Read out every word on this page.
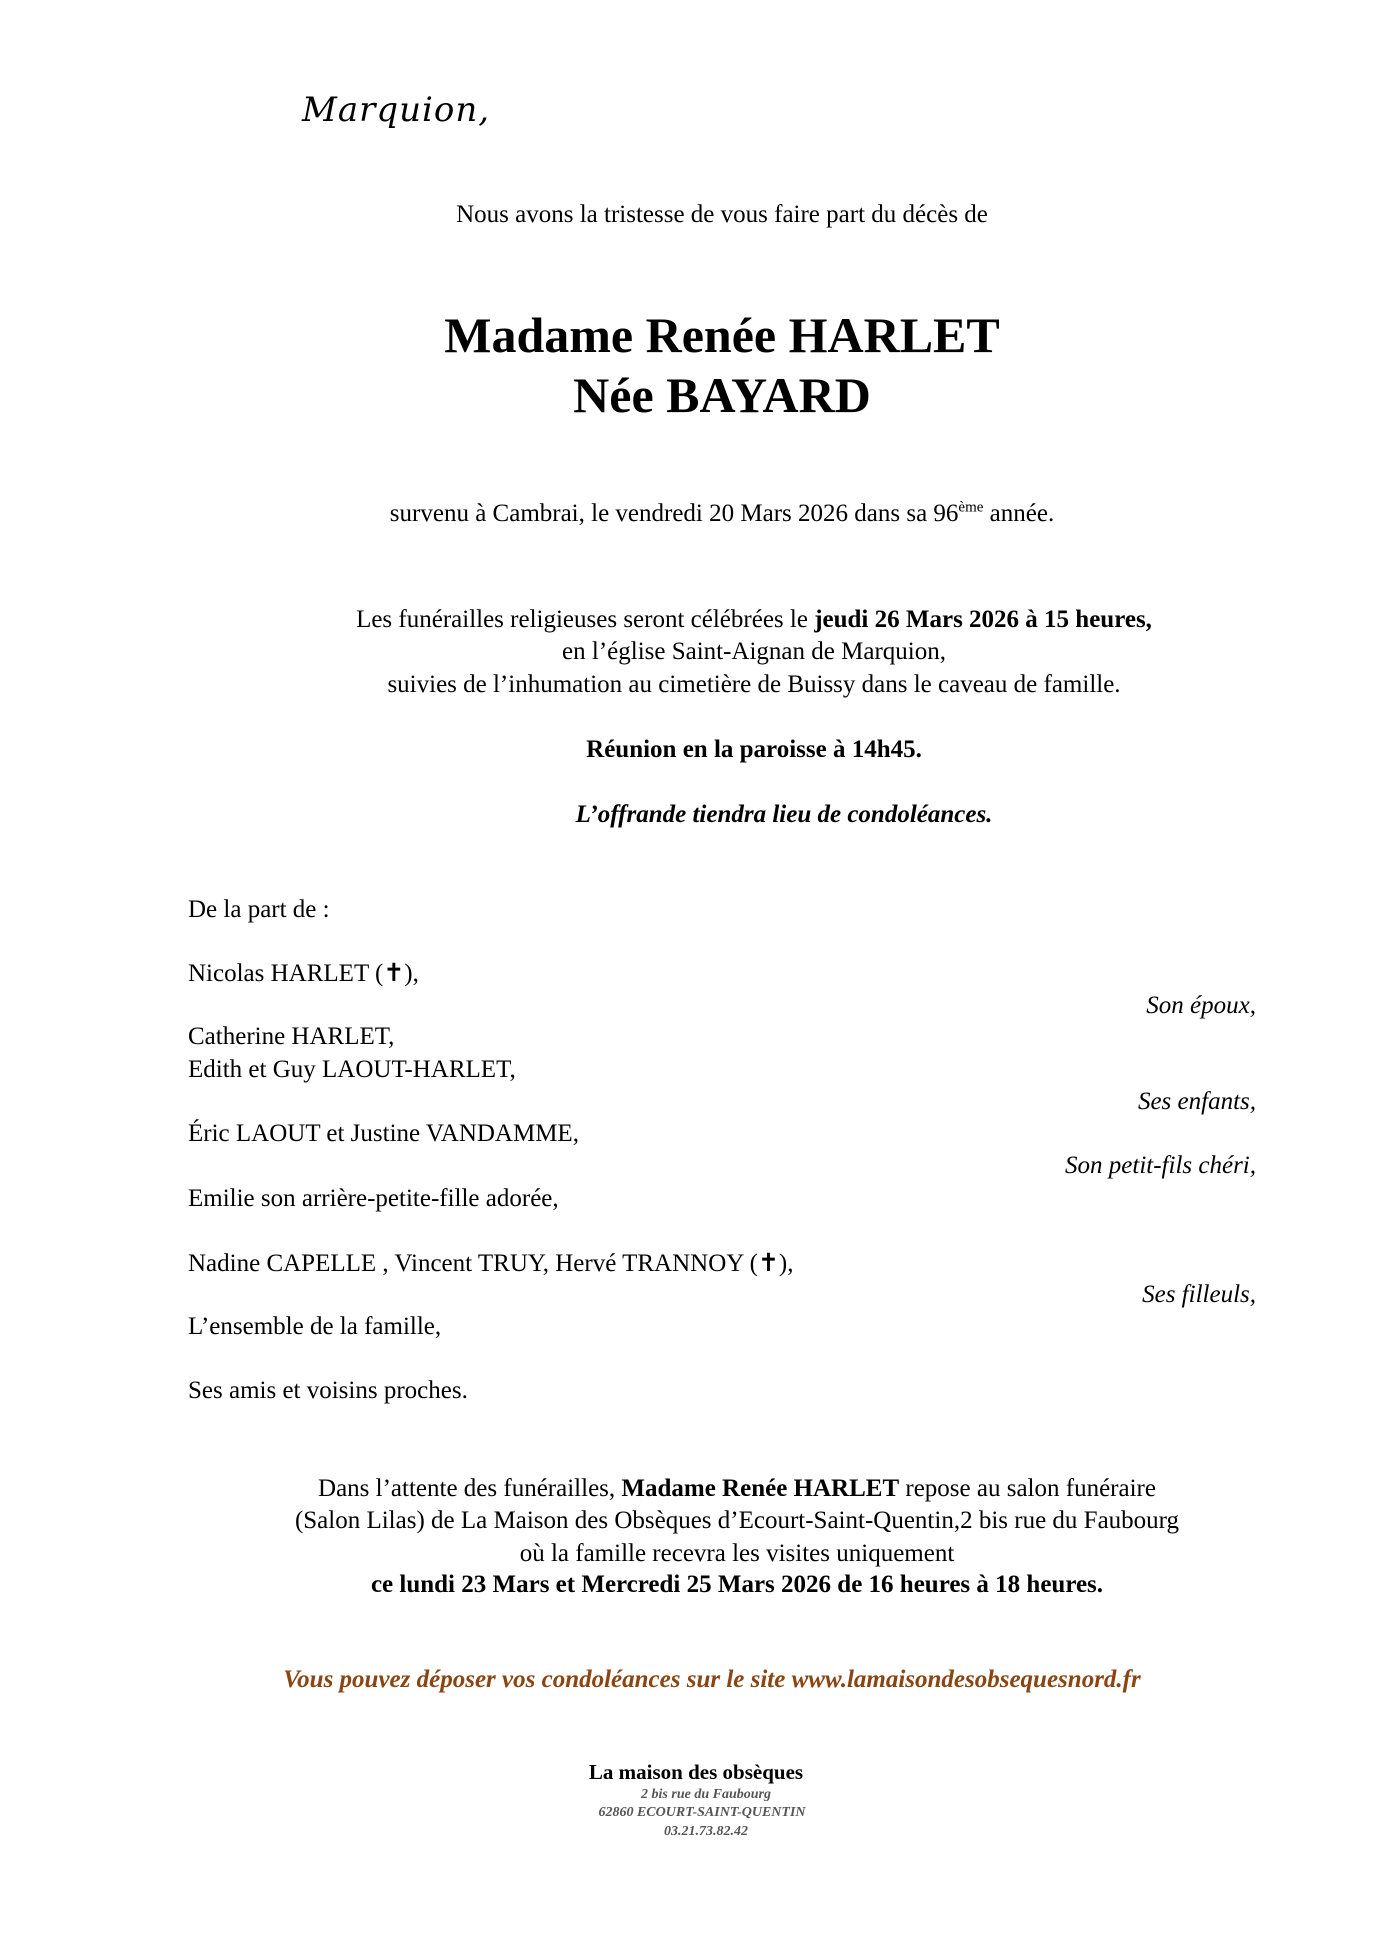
Marquion,
Nous avons la tristesse de vous faire part du décès de
Madame Renée HARLET
Née BAYARD
survenu à Cambrai, le vendredi 20 Mars 2026 dans sa 96ème année.
Les funérailles religieuses seront célébrées le jeudi 26 Mars 2026 à 15 heures,
en l’église Saint-Aignan de Marquion,
suivies de l’inhumation au cimetière de Buissy dans le caveau de famille.
Réunion en la paroisse à 14h45.
L’offrande tiendra lieu de condoléances.
De la part de :
Nicolas HARLET (✝),
Son époux,
Catherine HARLET,
Edith et Guy LAOUT-HARLET,
Ses enfants,
Éric LAOUT et Justine VANDAMME,
Son petit-fils chéri,
Emilie son arrière-petite-fille adorée,
Nadine CAPELLE , Vincent TRUY, Hervé TRANNOY (✝),
Ses filleuls,
L’ensemble de la famille,
Ses amis et voisins proches.
Dans l’attente des funérailles, Madame Renée HARLET repose au salon funéraire
(Salon Lilas) de La Maison des Obsèques d’Ecourt-Saint-Quentin,2 bis rue du Faubourg
où la famille recevra les visites uniquement
ce lundi 23 Mars et Mercredi 25 Mars 2026 de 16 heures à 18 heures.
Vous pouvez déposer vos condoléances sur le site www.lamaisondesobsequesnord.fr
La maison des obsèques
2 bis rue du Faubourg
62860 ECOURT-SAINT-QUENTIN
03.21.73.82.42
